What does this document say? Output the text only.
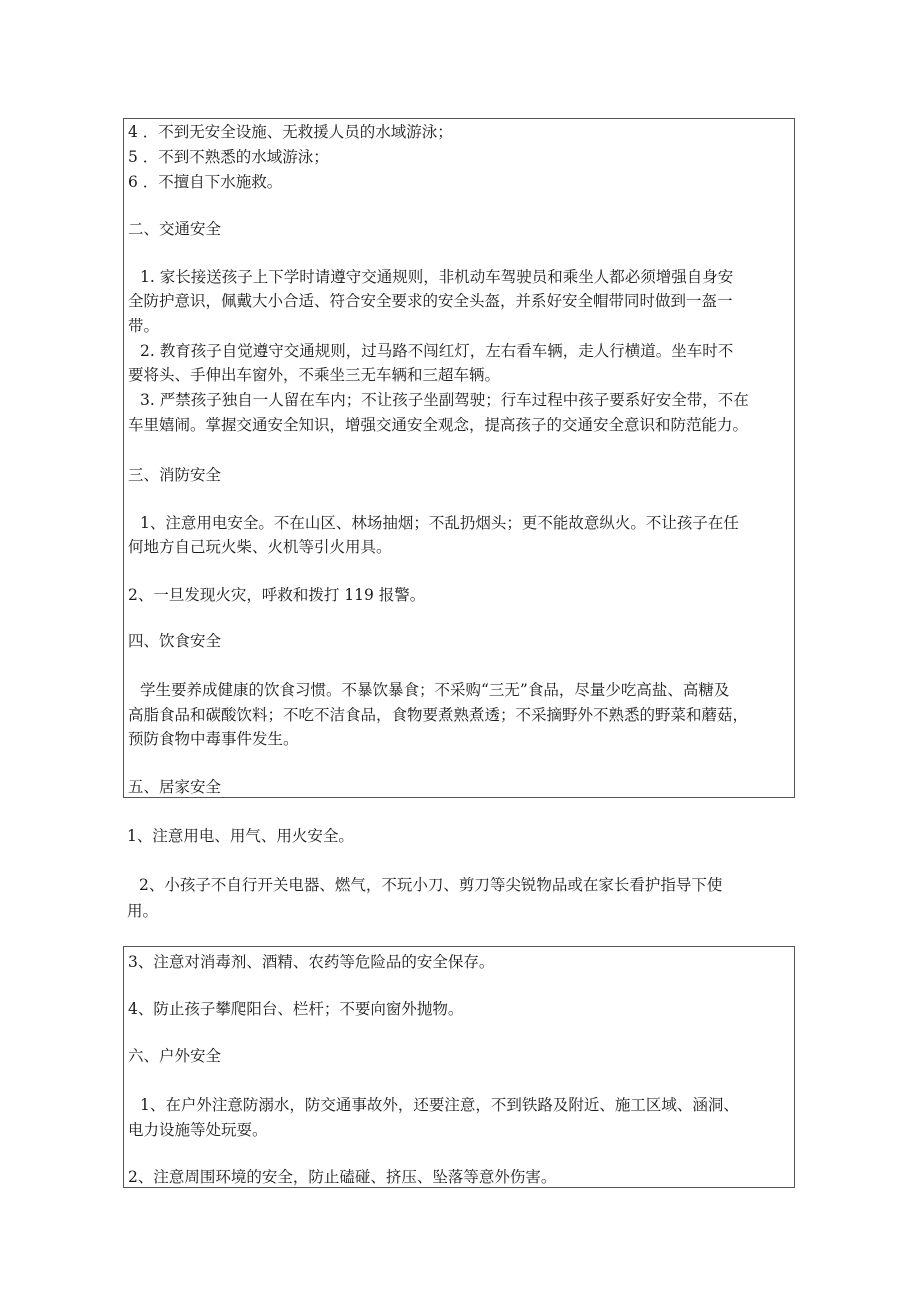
4 ．不到无安全设施、无救援人员的水域游泳；
5 ．不到不熟悉的水域游泳；
6 ．不擅自下水施救。
二、交通安全
1. 家长接送孩子上下学时请遵守交通规则，非机动车驾驶员和乘坐人都必须增强自身安
全防护意识，佩戴大小合适、符合安全要求的安全头盔，并系好安全帽带同时做到一盔一
带。
2. 教育孩子自觉遵守交通规则，过马路不闯红灯，左右看车辆，走人行横道。坐车时不
要将头、手伸出车窗外，不乘坐三无车辆和三超车辆。
3. 严禁孩子独自一人留在车内；不让孩子坐副驾驶；行车过程中孩子要系好安全带，不在
车里嬉闹。掌握交通安全知识，增强交通安全观念，提高孩子的交通安全意识和防范能力。
三、消防安全
1、注意用电安全。不在山区、林场抽烟；不乱扔烟头；更不能故意纵火。不让孩子在任
何地方自己玩火柴、火机等引火用具。
2、一旦发现火灾，呼救和拨打 119 报警。
四、饮食安全
学生要养成健康的饮食习惯。不暴饮暴食；不采购“三无”食品，尽量少吃高盐、高糖及
高脂食品和碳酸饮料；不吃不洁食品，食物要煮熟煮透；不采摘野外不熟悉的野菜和蘑菇，
预防食物中毒事件发生。
五、居家安全
1、注意用电、用气、用火安全。
2、小孩子不自行开关电器、燃气，不玩小刀、剪刀等尖锐物品或在家长看护指导下使
用。
3、注意对消毒剂、酒精、农药等危险品的安全保存。
4、防止孩子攀爬阳台、栏杆；不要向窗外抛物。
六、户外安全
1、在户外注意防溺水，防交通事故外，还要注意，不到铁路及附近、施工区域、涵洞、
电力设施等处玩耍。
2、注意周围环境的安全，防止磕碰、挤压、坠落等意外伤害。
